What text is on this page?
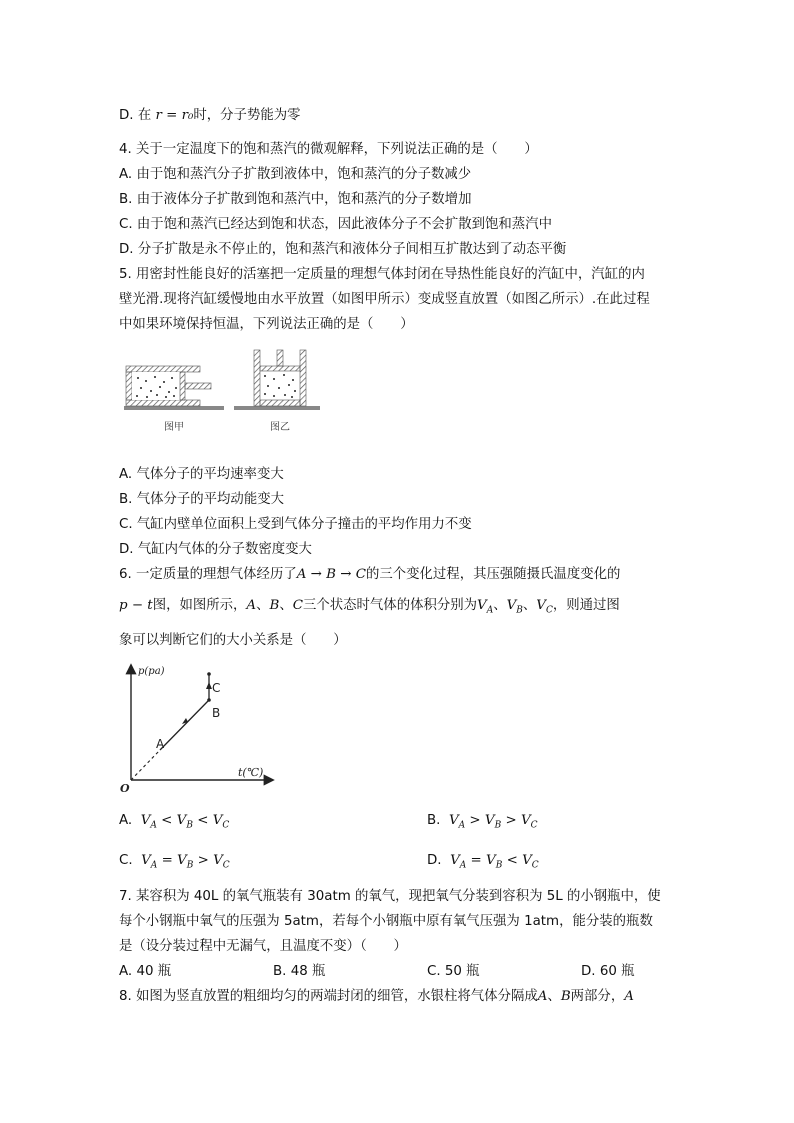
D. 在 r = r₀时，分子势能为零
4. 关于一定温度下的饱和蒸汽的微观解释，下列说法正确的是（　　）
A. 由于饱和蒸汽分子扩散到液体中，饱和蒸汽的分子数减少
B. 由于液体分子扩散到饱和蒸汽中，饱和蒸汽的分子数增加
C. 由于饱和蒸汽已经达到饱和状态，因此液体分子不会扩散到饱和蒸汽中
D. 分子扩散是永不停止的，饱和蒸汽和液体分子间相互扩散达到了动态平衡
5. 用密封性能良好的活塞把一定质量的理想气体封闭在导热性能良好的汽缸中，汽缸的内
壁光滑.现将汽缸缓慢地由水平放置（如图甲所示）变成竖直放置（如图乙所示）.在此过程
中如果环境保持恒温，下列说法正确的是（　　）
图甲	图乙
A. 气体分子的平均速率变大
B. 气体分子的平均动能变大
C. 气缸内壁单位面积上受到气体分子撞击的平均作用力不变
D. 气缸内气体的分子数密度变大
6. 一定质量的理想气体经历了A → B → C的三个变化过程，其压强随摄氏温度变化的
p − t图，如图所示，A、B、C三个状态时气体的体积分别为$V_A$、$V_B$、$V_C$，则通过图
象可以判断它们的大小关系是（　　）
p(pa)
t(℃)
O
A
B
C
A. $V_A < V_B < V_C$	B. $V_A > V_B > V_C$
C. $V_A = V_B > V_C$	D. $V_A = V_B < V_C$
7. 某容积为 40L 的氧气瓶装有 30atm 的氧气，现把氧气分装到容积为 5L 的小钢瓶中，使
每个小钢瓶中氧气的压强为 5atm，若每个小钢瓶中原有氧气压强为 1atm，能分装的瓶数
是（设分装过程中无漏气，且温度不变）（　　）
A. 40 瓶	B. 48 瓶	C. 50 瓶	D. 60 瓶
8. 如图为竖直放置的粗细均匀的两端封闭的细管，水银柱将气体分隔成A、B两部分，A
